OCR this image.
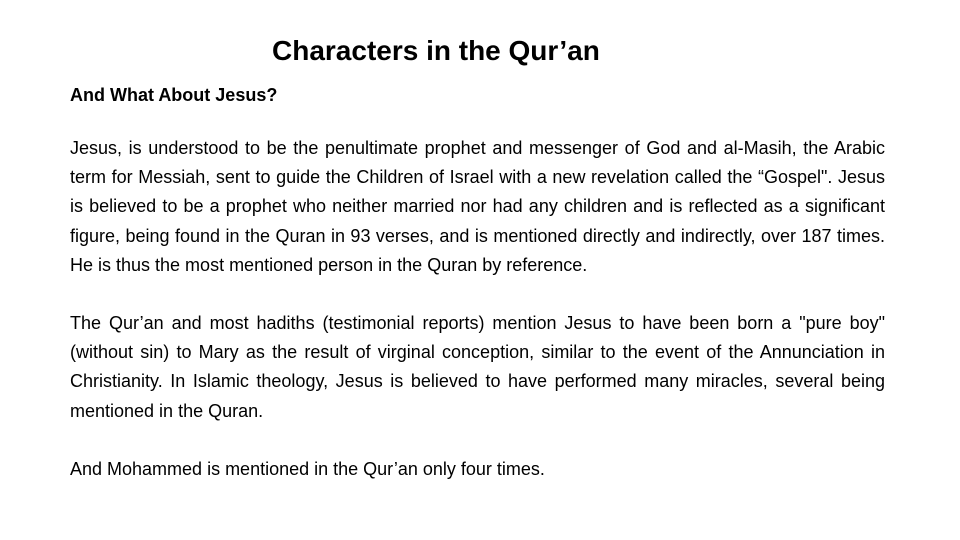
Characters in the Qur’an

And What About Jesus?

Jesus, is understood to be the penultimate prophet and messenger of God and al-Masih, the Arabic term for Messiah, sent to guide the Children of Israel with a new revelation called the “Gospel". Jesus is believed to be a prophet who neither married nor had any children and is reflected as a significant figure, being found in the Quran in 93 verses, and is mentioned directly and indirectly, over 187 times. He is thus the most mentioned person in the Quran by reference.

The Qur’an and most hadiths (testimonial reports) mention Jesus to have been born a "pure boy" (without sin) to Mary as the result of virginal conception, similar to the event of the Annunciation in Christianity. In Islamic theology, Jesus is believed to have performed many miracles, several being mentioned in the Quran.

And Mohammed is mentioned in the Qur’an only four times.
